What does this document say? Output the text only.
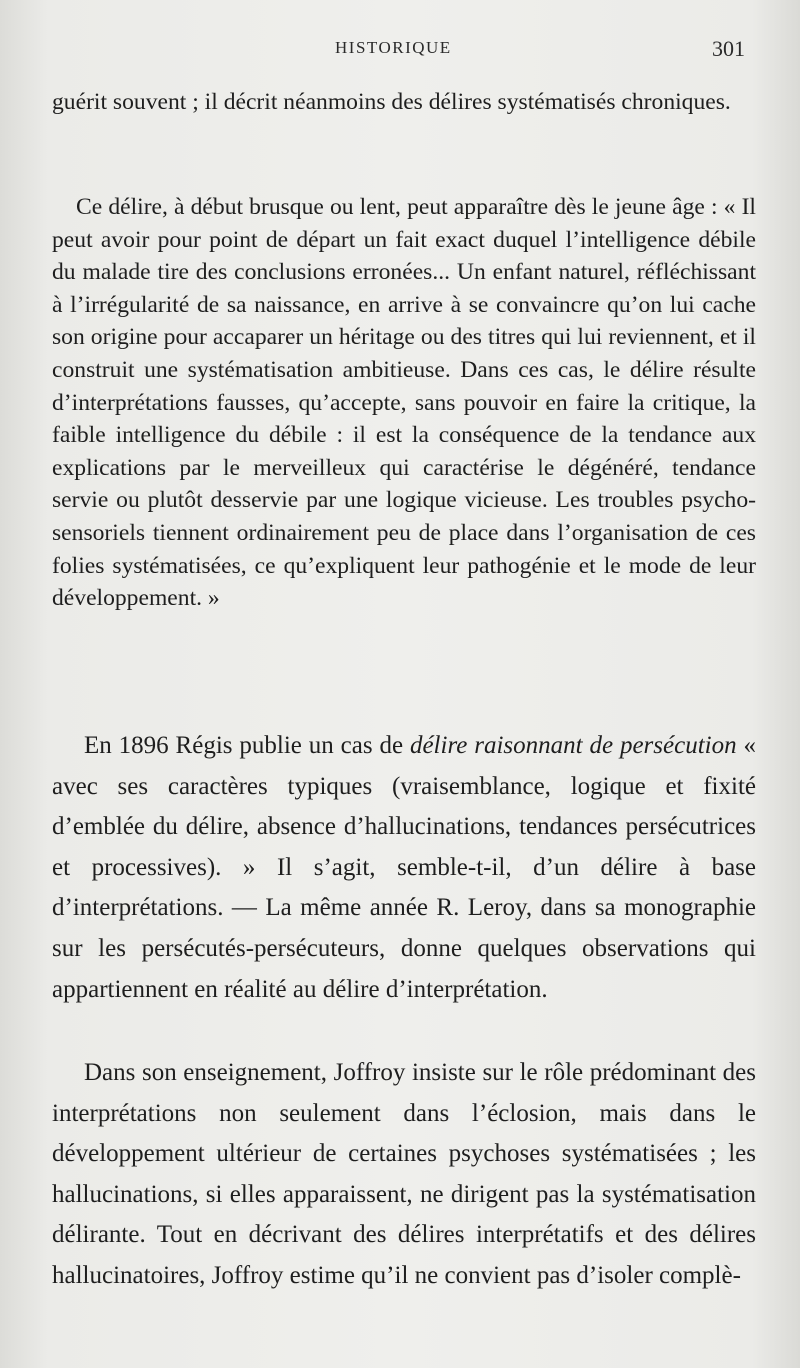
HISTORIQUE	301

guérit souvent ; il décrit néanmoins des délires systématisés chroniques.

Ce délire, à début brusque ou lent, peut apparaître dès le jeune âge : « Il peut avoir pour point de départ un fait exact duquel l’intelligence débile du malade tire des conclusions erronées... Un enfant naturel, réfléchissant à l’irrégularité de sa naissance, en arrive à se convaincre qu’on lui cache son origine pour accaparer un héritage ou des titres qui lui reviennent, et il construit une systématisation ambitieuse. Dans ces cas, le délire résulte d’interprétations fausses, qu’accepte, sans pouvoir en faire la critique, la faible intelligence du débile : il est la conséquence de la tendance aux explications par le merveilleux qui caractérise le dégénéré, tendance servie ou plutôt desservie par une logique vicieuse. Les troubles psycho-sensoriels tiennent ordinairement peu de place dans l’organisation de ces folies systématisées, ce qu’expliquent leur pathogénie et le mode de leur développement. »

En 1896 Régis publie un cas de délire raisonnant de persécution « avec ses caractères typiques (vraisemblance, logique et fixité d’emblée du délire, absence d’hallucinations, tendances persécutrices et processives). » Il s’agit, semble-t-il, d’un délire à base d’interprétations. — La même année R. Leroy, dans sa monographie sur les persécutés-persécuteurs, donne quelques observations qui appartiennent en réalité au délire d’interprétation.

Dans son enseignement, Joffroy insiste sur le rôle prédominant des interprétations non seulement dans l’éclosion, mais dans le développement ultérieur de certaines psychoses systématisées ; les hallucinations, si elles apparaissent, ne dirigent pas la systématisation délirante. Tout en décrivant des délires interprétatifs et des délires hallucinatoires, Joffroy estime qu’il ne convient pas d’isoler complè-
